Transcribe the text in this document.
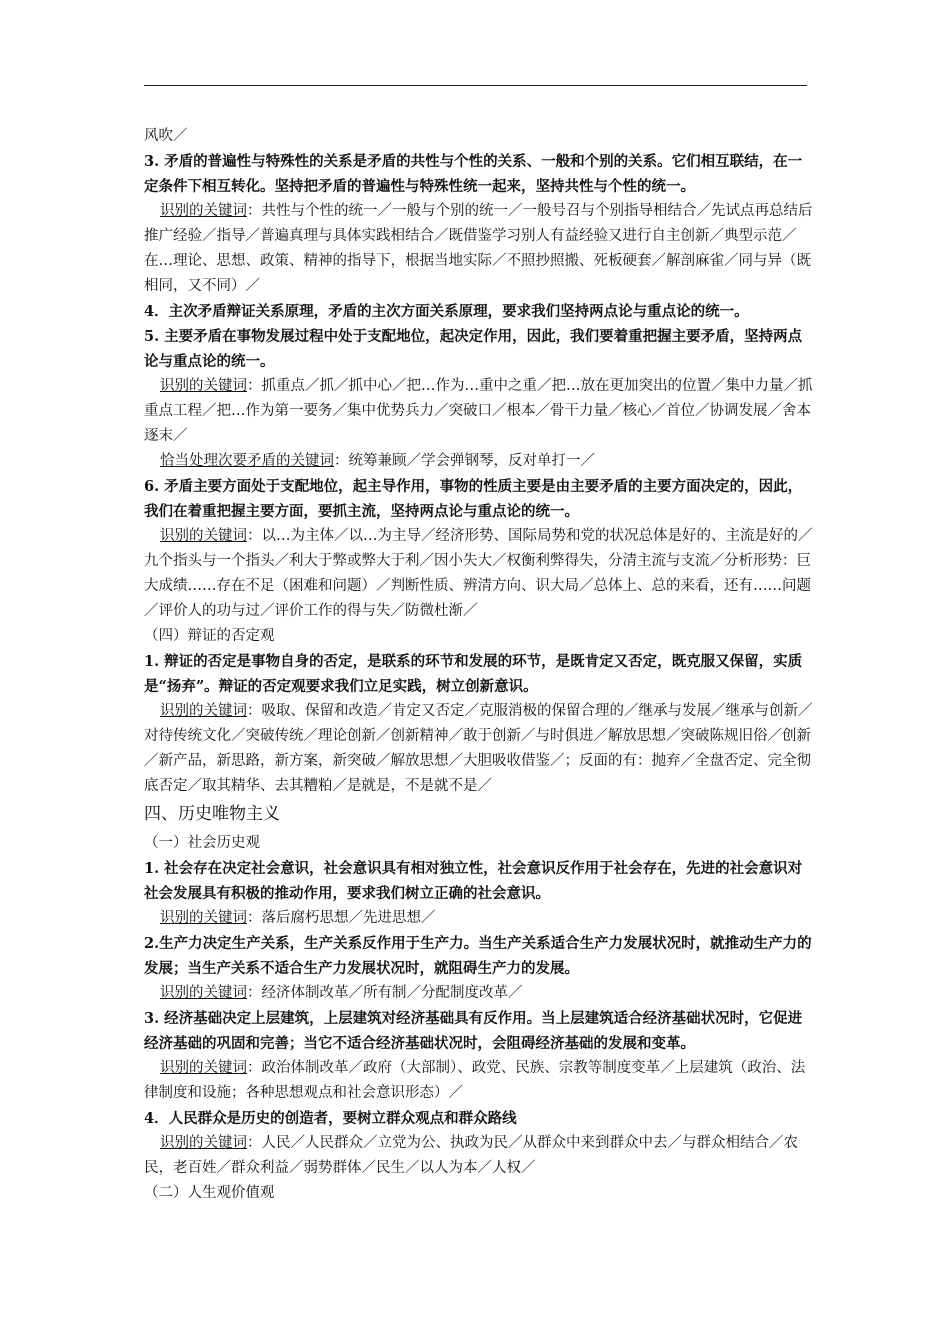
风吹／

3. 矛盾的普遍性与特殊性的关系是矛盾的共性与个性的关系、一般和个别的关系。它们相互联结，在一定条件下相互转化。坚持把矛盾的普遍性与特殊性统一起来，坚持共性与个性的统一。

识别的关键词：共性与个性的统一／一般与个别的统一／一般号召与个别指导相结合／先试点再总结后推广经验／指导／普遍真理与具体实践相结合／既借鉴学习别人有益经验又进行自主创新／典型示范／在…理论、思想、政策、精神的指导下，根据当地实际／不照抄照搬、死板硬套／解剖麻雀／同与异（既相同，又不同）／

4．主次矛盾辩证关系原理，矛盾的主次方面关系原理，要求我们坚持两点论与重点论的统一。

5. 主要矛盾在事物发展过程中处于支配地位，起决定作用，因此，我们要着重把握主要矛盾，坚持两点论与重点论的统一。

识别的关键词：抓重点／抓／抓中心／把…作为…重中之重／把…放在更加突出的位置／集中力量／抓重点工程／把…作为第一要务／集中优势兵力／突破口／根本／骨干力量／核心／首位／协调发展／舍本逐末／

恰当处理次要矛盾的关键词：统筹兼顾／学会弹钢琴，反对单打一／

6. 矛盾主要方面处于支配地位，起主导作用，事物的性质主要是由主要矛盾的主要方面决定的，因此，我们在着重把握主要方面，要抓主流，坚持两点论与重点论的统一。

识别的关键词：以…为主体／以…为主导／经济形势、国际局势和党的状况总体是好的、主流是好的／九个指头与一个指头／利大于弊或弊大于利／因小失大／权衡利弊得失，分清主流与支流／分析形势：巨大成绩……存在不足（困难和问题）／判断性质、辨清方向、识大局／总体上、总的来看，还有……问题／评价人的功与过／评价工作的得与失／防微杜渐／

（四）辩证的否定观

1. 辩证的否定是事物自身的否定，是联系的环节和发展的环节，是既肯定又否定，既克服又保留，实质是“扬弃”。辩证的否定观要求我们立足实践，树立创新意识。

识别的关键词：吸取、保留和改造／肯定又否定／克服消极的保留合理的／继承与发展／继承与创新／对待传统文化／突破传统／理论创新／创新精神／敢于创新／与时俱进／解放思想／突破陈规旧俗／创新／新产品，新思路，新方案，新突破／解放思想／大胆吸收借鉴／；反面的有：抛弃／全盘否定、完全彻底否定／取其精华、去其糟粕／是就是，不是就不是／

四、历史唯物主义

（一）社会历史观

1. 社会存在决定社会意识，社会意识具有相对独立性，社会意识反作用于社会存在，先进的社会意识对社会发展具有积极的推动作用，要求我们树立正确的社会意识。

识别的关键词：落后腐朽思想／先进思想／

2.生产力决定生产关系，生产关系反作用于生产力。当生产关系适合生产力发展状况时，就推动生产力的发展；当生产关系不适合生产力发展状况时，就阻碍生产力的发展。

识别的关键词：经济体制改革／所有制／分配制度改革／

3. 经济基础决定上层建筑，上层建筑对经济基础具有反作用。当上层建筑适合经济基础状况时，它促进经济基础的巩固和完善；当它不适合经济基础状况时，会阻碍经济基础的发展和变革。

识别的关键词：政治体制改革／政府（大部制）、政党、民族、宗教等制度变革／上层建筑（政治、法律制度和设施；各种思想观点和社会意识形态）／

4．人民群众是历史的创造者，要树立群众观点和群众路线

识别的关键词：人民／人民群众／立党为公、执政为民／从群众中来到群众中去／与群众相结合／农民，老百姓／群众利益／弱势群体／民生／以人为本／人权／

（二）人生观价值观
